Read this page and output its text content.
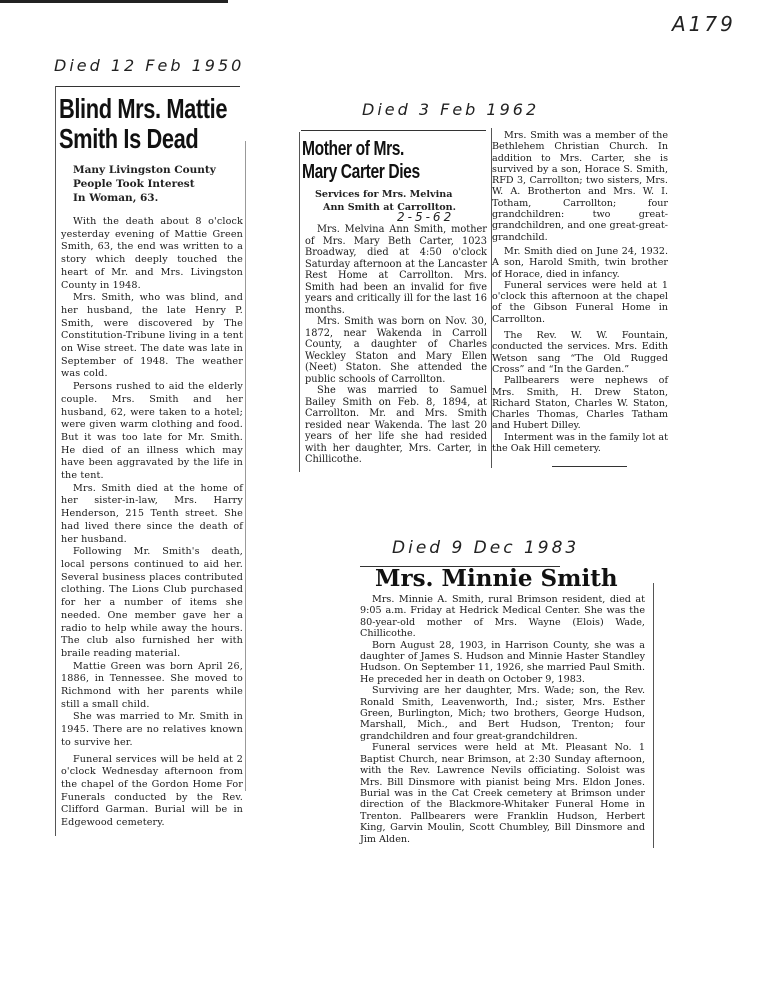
A179
Died 12 Feb 1950
Blind Mrs. Mattie
Smith Is Dead
Many Livingston County
People Took Interest
In Woman, 63.

With the death about 8 o'clock yesterday evening of Mattie Green Smith, 63, the end was written to a story which deeply touched the heart of Mr. and Mrs. Livingston County in 1948.

Mrs. Smith, who was blind, and her husband, the late Henry P. Smith, were discovered by The Constitution-Tribune living in a tent on Wise street. The date was late in September of 1948. The weather was cold.

Persons rushed to aid the elderly couple. Mrs. Smith and her husband, 62, were taken to a hotel; were given warm clothing and food. But it was too late for Mr. Smith. He died of an illness which may have been aggravated by the life in the tent.

Mrs. Smith died at the home of her sister-in-law, Mrs. Harry Henderson, 215 Tenth street. She had lived there since the death of her husband.

Following Mr. Smith's death, local persons continued to aid her. Several business places contributed clothing. The Lions Club purchased for her a number of items she needed. One member gave her a radio to help while away the hours. The club also furnished her with braile reading material.

Mattie Green was born April 26, 1886, in Tennessee. She moved to Richmond with her parents while still a small child.

She was married to Mr. Smith in 1945. There are no relatives known to survive her.

Funeral services will be held at 2 o'clock Wednesday afternoon from the chapel of the Gordon Home For Funerals conducted by the Rev. Clifford Garman. Burial will be in Edgewood cemetery.

Died 3 Feb 1962
Mother of Mrs.
Mary Carter Dies
Services for Mrs. Melvina
Ann Smith at Carrollton.
2-5-62

Mrs. Melvina Ann Smith, mother of Mrs. Mary Beth Carter, 1023 Broadway, died at 4:50 o'clock Saturday afternoon at the Lancaster Rest Home at Carrollton. Mrs. Smith had been an invalid for five years and critically ill for the last 16 months.

Mrs. Smith was born on Nov. 30, 1872, near Wakenda in Carroll County, a daughter of Charles Weckley Staton and Mary Ellen (Neet) Staton. She attended the public schools of Carrollton.

She was married to Samuel Bailey Smith on Feb. 8, 1894, at Carrollton. Mr. and Mrs. Smith resided near Wakenda. The last 20 years of her life she had resided with her daughter, Mrs. Carter, in Chillicothe.

Mrs. Smith was a member of the Bethlehem Christian Church. In addition to Mrs. Carter, she is survived by a son, Horace S. Smith, RFD 3, Carrollton; two sisters, Mrs. W. A. Brotherton and Mrs. W. I. Totham, Carrollton; four grandchildren: two great-grandchildren, and one great-great-grandchild.

Mr. Smith died on June 24, 1932. A son, Harold Smith, twin brother of Horace, died in infancy.

Funeral services were held at 1 o'clock this afternoon at the chapel of the Gibson Funeral Home in Carrollton.

The Rev. W. W. Fountain, conducted the services. Mrs. Edith Wetson sang “The Old Rugged Cross” and “In the Garden.”

Pallbearers were nephews of Mrs. Smith, H. Drew Staton, Richard Staton, Charles W. Staton, Charles Thomas, Charles Tatham and Hubert Dilley.

Interment was in the family lot at the Oak Hill cemetery.

Died 9 Dec 1983
Mrs. Minnie Smith

Mrs. Minnie A. Smith, rural Brimson resident, died at 9:05 a.m. Friday at Hedrick Medical Center. She was the 80-year-old mother of Mrs. Wayne (Elois) Wade, Chillicothe.

Born August 28, 1903, in Harrison County, she was a daughter of James S. Hudson and Minnie Haster Standley Hudson. On September 11, 1926, she married Paul Smith. He preceded her in death on October 9, 1983.

Surviving are her daughter, Mrs. Wade; son, the Rev. Ronald Smith, Leavenworth, Ind.; sister, Mrs. Esther Green, Burlington, Mich; two brothers, George Hudson, Marshall, Mich., and Bert Hudson, Trenton; four grandchildren and four great-grandchildren.

Funeral services were held at Mt. Pleasant No. 1 Baptist Church, near Brimson, at 2:30 Sunday afternoon, with the Rev. Lawrence Nevils officiating. Soloist was Mrs. Bill Dinsmore with pianist being Mrs. Eldon Jones. Burial was in the Cat Creek cemetery at Brimson under direction of the Blackmore-Whitaker Funeral Home in Trenton. Pallbearers were Franklin Hudson, Herbert King, Garvin Moulin, Scott Chumbley, Bill Dinsmore and Jim Alden.
